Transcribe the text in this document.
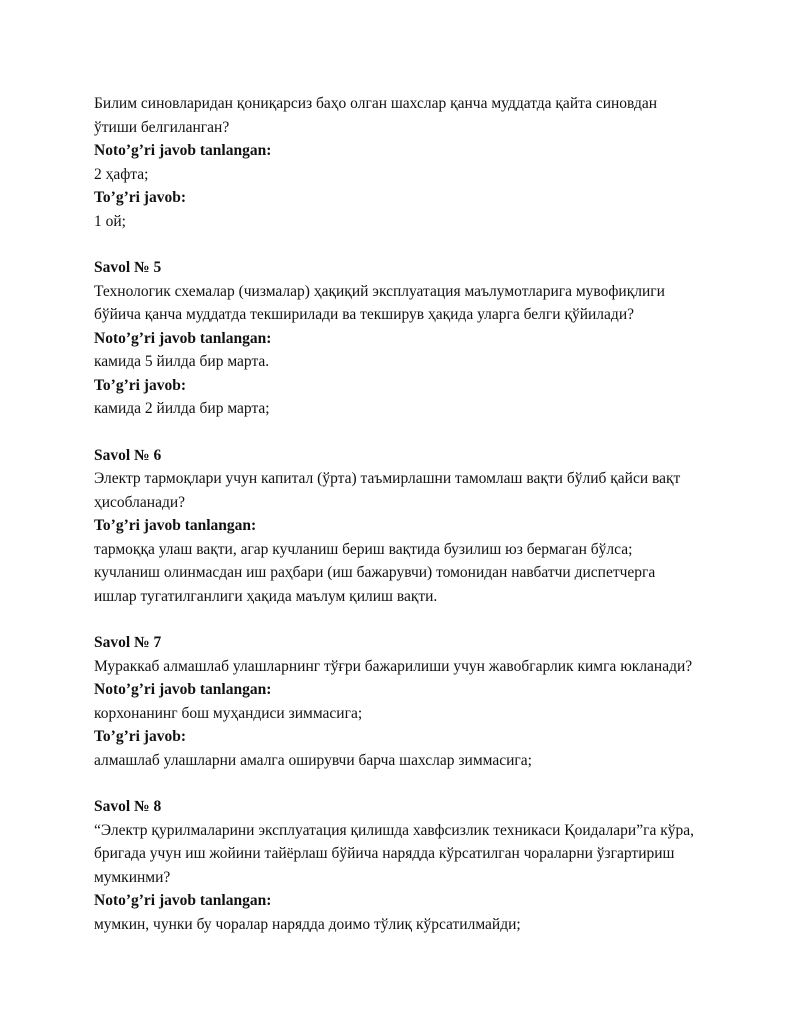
Билим синовларидан қониқарсиз баҳо олган шахслар қанча муддатда қайта синовдан

ўтиши белгиланган?

Noto’g’ri javob tanlangan:

2 ҳафта;

To’g’ri javob:

1 ой;

Savol № 5

Технологик схемалар (чизмалар) ҳақиқий эксплуатация маълумотларига мувофиқлиги

бўйича қанча муддатда текширилади ва текширув ҳақида уларга белги қўйилади?

Noto’g’ri javob tanlangan:

камида 5 йилда бир марта.

To’g’ri javob:

камида 2 йилда бир марта;

Savol № 6

Электр тармоқлари учун капитал (ўрта) таъмирлашни тамомлаш вақти бўлиб қайси вақт

ҳисобланади?

To’g’ri javob tanlangan:

тармоққа улаш вақти, агар кучланиш бериш вақтида бузилиш юз бермаган бўлса;

кучланиш олинмасдан иш раҳбари (иш бажарувчи) томонидан навбатчи диспетчерга

ишлар тугатилганлиги ҳақида маълум қилиш вақти.

Savol № 7

Мураккаб алмашлаб улашларнинг тўғри бажарилиши учун жавобгарлик кимга юкланади?

Noto’g’ri javob tanlangan:

корхонанинг бош муҳандиси зиммасига;

To’g’ri javob:

алмашлаб улашларни амалга оширувчи барча шахслар зиммасига;

Savol № 8

“Электр қурилмаларини эксплуатация қилишда хавфсизлик техникаси Қоидалари”га кўра,

бригада учун иш жойини тайёрлаш бўйича нарядда кўрсатилган чораларни ўзгартириш

мумкинми?

Noto’g’ri javob tanlangan:

мумкин, чунки бу чоралар нарядда доимо тўлиқ кўрсатилмайди;
